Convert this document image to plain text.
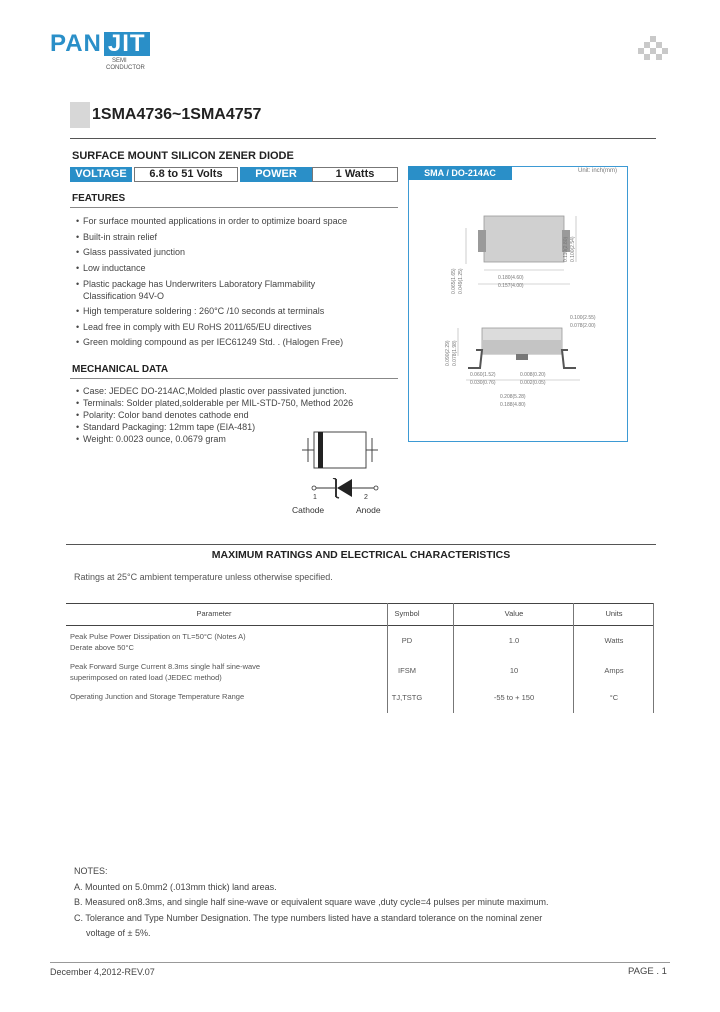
PAN JIT
SEMI
CONDUCTOR
1SMA4736~1SMA4757
SURFACE MOUNT SILICON ZENER DIODE
VOLTAGE	6.8 to 51 Volts	POWER	1 Watts
FEATURES
• For surface mounted applications in order to optimize board space
• Built-in strain relief
• Glass passivated junction
• Low inductance
• Plastic package has Underwriters Laboratory Flammability
Classification 94V-O
• High temperature soldering : 260°C /10 seconds at terminals
• Lead free in comply with EU RoHS 2011/65/EU directives
• Green molding compound as per IEC61249 Std. . (Halogen Free)
MECHANICAL DATA
• Case: JEDEC DO-214AC,Molded plastic over passivated junction.
• Terminals: Solder plated,solderable per MIL-STD-750, Method 2026
• Polarity: Color band denotes cathode end
• Standard Packaging: 12mm tape (EIA-481)
• Weight: 0.0023 ounce, 0.0679 gram
1	2
Cathode	Anode
SMA / DO-214AC	Unit: inch(mm)
0.110(2.80) 0.100(2.54)
0.065(1.65) 0.049(1.25)	0.180(4.60)
0.157(4.00)
0.100(2.55)
0.078(2.00)
0.090(2.29) 0.078(1.98)
0.060(1.52)
0.030(0.76)
0.008(0.20)
0.002(0.05)
0.208(5.28)
0.188(4.80)
MAXIMUM RATINGS AND ELECTRICAL CHARACTERISTICS
Ratings at 25°C ambient temperature unless otherwise specified.
Parameter	Symbol	Value	Units
Peak Pulse Power Dissipation on TL=50°C (Notes A)
Derate above 50°C
PD	1.0	Watts
Peak Forward Surge Current 8.3ms single half sine-wave
superimposed on rated load (JEDEC method)
IFSM	10	Amps
Operating Junction and Storage Temperature Range	TJ,TSTG	-55 to + 150	°C
NOTES:
A. Mounted on 5.0mm2 (.013mm thick) land areas.
B. Measured on8.3ms, and single half sine-wave or equivalent square wave ,duty cycle=4 pulses per minute maximum.
C. Tolerance and Type Number Designation. The type numbers listed have a standard tolerance on the nominal zener
voltage of ± 5%.
December 4,2012-REV.07	PAGE . 1
